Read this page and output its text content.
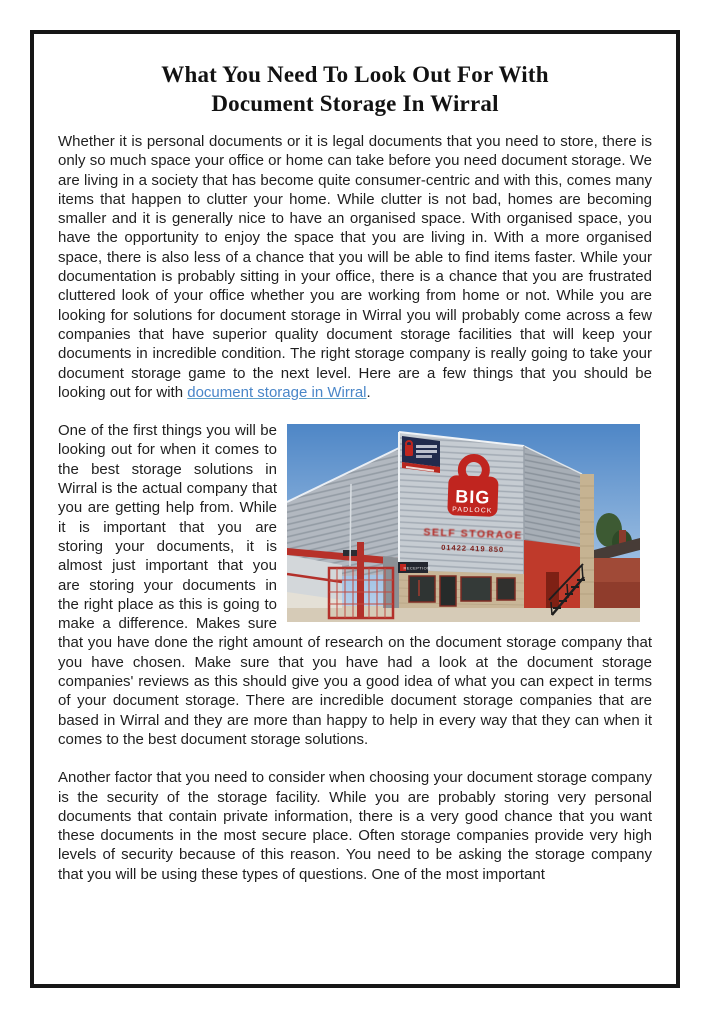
What You Need To Look Out For With
Document Storage In Wirral

Whether it is personal documents or it is legal documents that you need to store, there is only so much space your office or home can take before you need document storage. We are living in a society that has become quite consumer-centric and with this, comes many items that happen to clutter your home. While clutter is not bad, homes are becoming smaller and it is generally nice to have an organised space. With organised space, you have the opportunity to enjoy the space that you are living in. With a more organised space, there is also less of a chance that you will be able to find items faster. While your documentation is probably sitting in your office, there is a chance that you are frustrated cluttered look of your office whether you are working from home or not. While you are looking for solutions for document storage in Wirral you will probably come across a few companies that have superior quality document storage facilities that will keep your documents in incredible condition. The right storage company is really going to take your document storage game to the next level. Here are a few things that you should be looking out for with document storage in Wirral.

BIG
PADLOCK
SELF STORAGE
01422 419 850
RECEPTION
One of the first things you will be looking out for when it comes to the best storage solutions in Wirral is the actual company that you are getting help from. While it is important that you are storing your documents, it is almost just important that you are storing your documents in the right place as this is going to make a difference. Makes sure that you have done the right amount of research on the document storage company that you have chosen. Make sure that you have had a look at the document storage companies' reviews as this should give you a good idea of what you can expect in terms of your document storage. There are incredible document storage companies that are based in Wirral and they are more than happy to help in every way that they can when it comes to the best document storage solutions.

Another factor that you need to consider when choosing your document storage company is the security of the storage facility. While you are probably storing very personal documents that contain private information, there is a very good chance that you want these documents in the most secure place. Often storage companies provide very high levels of security because of this reason. You need to be asking the storage company that you will be using these types of questions. One of the most important
